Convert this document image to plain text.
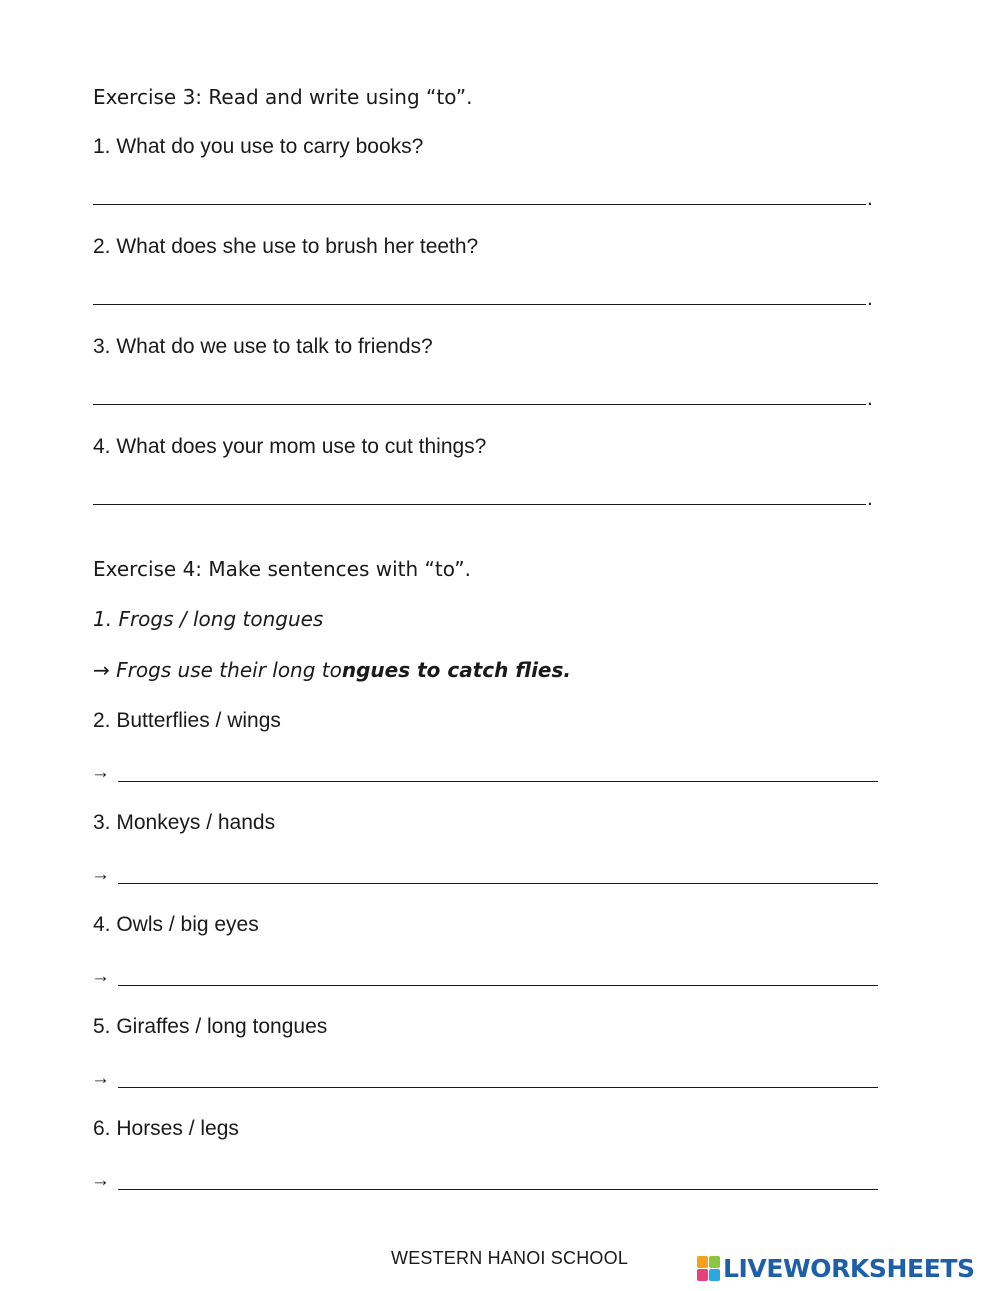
Exercise 3: Read and write using “to”.
1. What do you use to carry books?
.
2. What does she use to brush her teeth?
.
3. What do we use to talk to friends?
.
4. What does your mom use to cut things?
.
Exercise 4: Make sentences with “to”.
1. Frogs / long tongues
→ Frogs use their long tongues to catch flies.
2. Butterflies / wings
→
3. Monkeys / hands
→
4. Owls / big eyes
→
5. Giraffes / long tongues
→
6. Horses / legs
→
WESTERN HANOI SCHOOL	LIVEWORKSHEETS
